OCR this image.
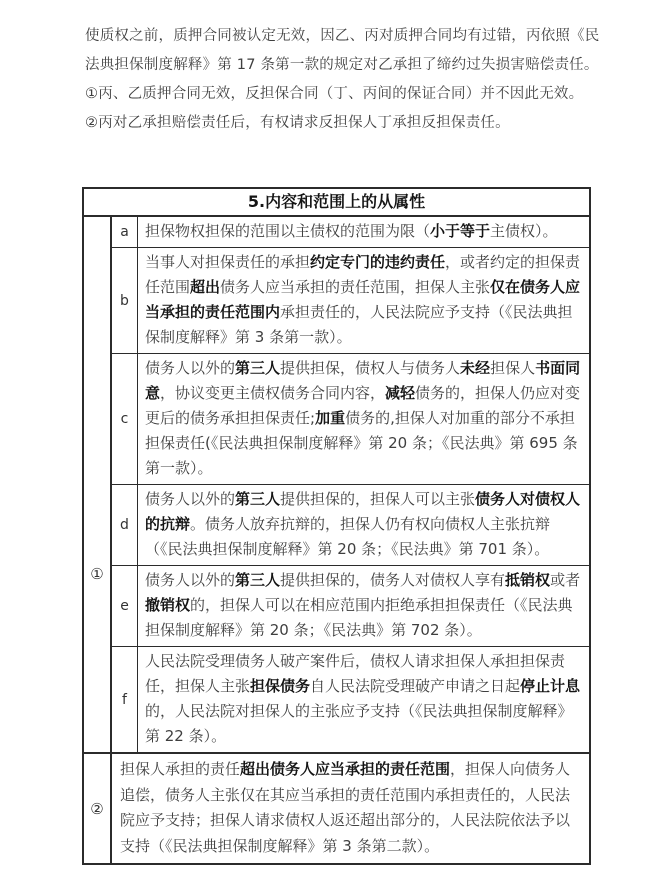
使质权之前，质押合同被认定无效，因乙、丙对质押合同均有过错，丙依照《民
法典担保制度解释》第 17 条第一款的规定对乙承担了缔约过失损害赔偿责任。
①丙、乙质押合同无效，反担保合同（丁、丙间的保证合同）并不因此无效。
②丙对乙承担赔偿责任后，有权请求反担保人丁承担反担保责任。
5.内容和范围上的从属性
①
a	担保物权担保的范围以主债权的范围为限（小于等于主债权）。
b
当事人对担保责任的承担约定专门的违约责任，或者约定的担保责任范围超出债务人应当承担的责任范围，担保人主张仅在债务人应当承担的责任范围内承担责任的，人民法院应予支持（《民法典担保制度解释》第 3 条第一款）。
c
债务人以外的第三人提供担保，债权人与债务人未经担保人书面同意，协议变更主债权债务合同内容，减轻债务的，担保人仍应对变更后的债务承担担保责任;加重债务的,担保人对加重的部分不承担担保责任(《民法典担保制度解释》第 20 条；《民法典》第 695 条第一款）。
d
债务人以外的第三人提供担保的，担保人可以主张债务人对债权人的抗辩。债务人放弃抗辩的，担保人仍有权向债权人主张抗辩（《民法典担保制度解释》第 20 条；《民法典》第 701 条）。
e
债务人以外的第三人提供担保的，债务人对债权人享有抵销权或者撤销权的，担保人可以在相应范围内拒绝承担担保责任（《民法典担保制度解释》第 20 条；《民法典》第 702 条）。
f
人民法院受理债务人破产案件后，债权人请求担保人承担担保责任，担保人主张担保债务自人民法院受理破产申请之日起停止计息的，人民法院对担保人的主张应予支持（《民法典担保制度解释》第 22 条）。
②
担保人承担的责任超出债务人应当承担的责任范围，担保人向债务人追偿，债务人主张仅在其应当承担的责任范围内承担责任的，人民法院应予支持；担保人请求债权人返还超出部分的，人民法院依法予以支持（《民法典担保制度解释》第 3 条第二款）。
